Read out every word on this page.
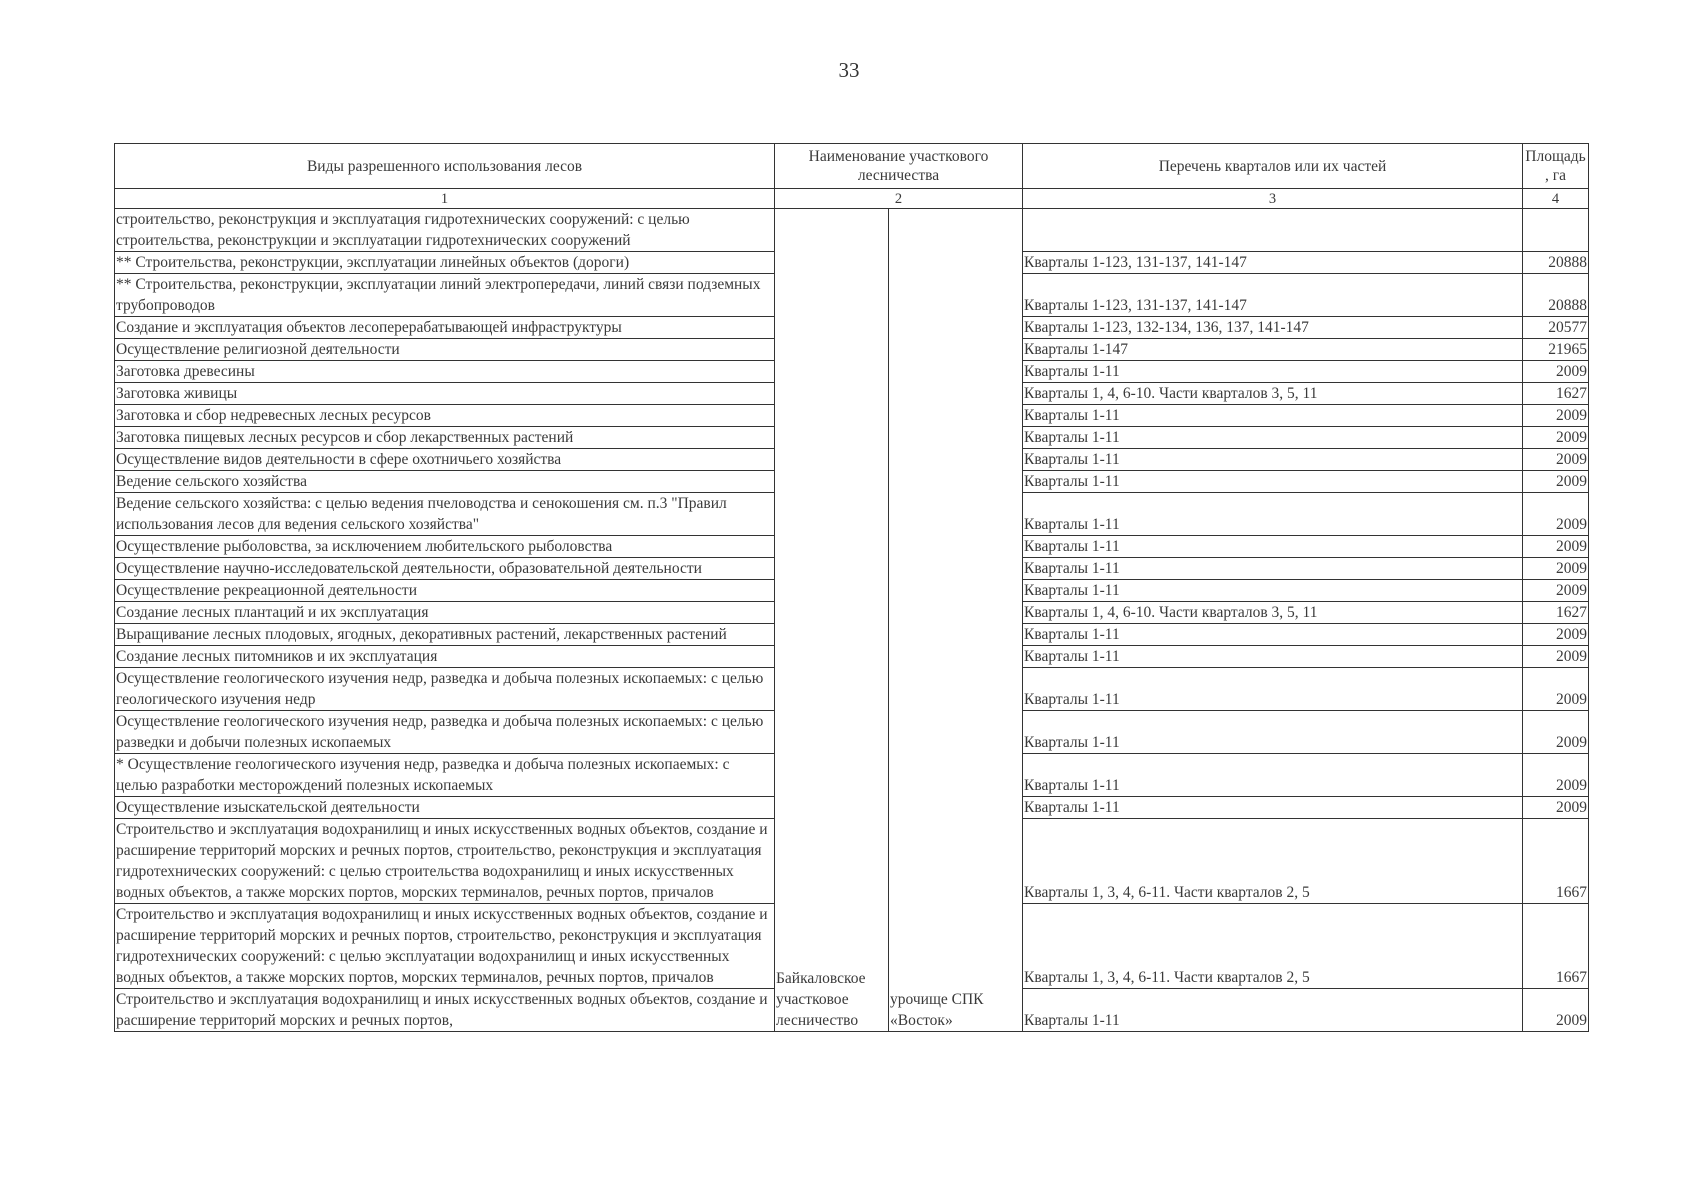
33
Виды разрешенного использования лесов	Наименование участкового лесничества		Перечень кварталов или их частей	Площадь, га
1	2		3	4
строительство, реконструкция и эксплуатация гидротехнических сооружений: с целью строительства, реконструкции и эксплуатации гидротехнических сооружений	Байкаловское участковое лесничество	урочище СПК «Восток»		
** Строительства, реконструкции, эксплуатации линейных объектов (дороги)			Кварталы 1-123, 131-137, 141-147	20888
** Строительства, реконструкции, эксплуатации линий электропередачи, линий связи подземных трубопроводов			Кварталы 1-123, 131-137, 141-147	20888
Создание и эксплуатация объектов лесоперерабатывающей инфраструктуры			Кварталы 1-123, 132-134, 136, 137, 141-147	20577
Осуществление религиозной деятельности			Кварталы 1-147	21965
Заготовка древесины			Кварталы 1-11	2009
Заготовка живицы			Кварталы 1, 4, 6-10. Части кварталов 3, 5, 11	1627
Заготовка и сбор недревесных лесных ресурсов			Кварталы 1-11	2009
Заготовка пищевых лесных ресурсов и сбор лекарственных растений			Кварталы 1-11	2009
Осуществление видов деятельности в сфере охотничьего хозяйства			Кварталы 1-11	2009
Ведение сельского хозяйства			Кварталы 1-11	2009
Ведение сельского хозяйства: с целью ведения пчеловодства и сенокошения см. п.3 "Правил использования лесов для ведения сельского хозяйства"			Кварталы 1-11	2009
Осуществление рыболовства, за исключением любительского рыболовства			Кварталы 1-11	2009
Осуществление научно-исследовательской деятельности, образовательной деятельности			Кварталы 1-11	2009
Осуществление рекреационной деятельности			Кварталы 1-11	2009
Создание лесных плантаций и их эксплуатация			Кварталы 1, 4, 6-10. Части кварталов 3, 5, 11	1627
Выращивание лесных плодовых, ягодных, декоративных растений, лекарственных растений			Кварталы 1-11	2009
Создание лесных питомников и их эксплуатация			Кварталы 1-11	2009
Осуществление геологического изучения недр, разведка и добыча полезных ископаемых: с целью геологического изучения недр			Кварталы 1-11	2009
Осуществление геологического изучения недр, разведка и добыча полезных ископаемых: с целью разведки и добычи полезных ископаемых			Кварталы 1-11	2009
* Осуществление геологического изучения недр, разведка и добыча полезных ископаемых: с целью разработки месторождений полезных ископаемых			Кварталы 1-11	2009
Осуществление изыскательской деятельности			Кварталы 1-11	2009
Строительство и эксплуатация водохранилищ и иных искусственных водных объектов, создание и расширение территорий морских и речных портов, строительство, реконструкция и эксплуатация гидротехнических сооружений: с целью строительства водохранилищ и иных искусственных водных объектов, а также морских портов, морских терминалов, речных портов, причалов			Кварталы 1, 3, 4, 6-11. Части кварталов 2, 5	1667
Строительство и эксплуатация водохранилищ и иных искусственных водных объектов, создание и расширение территорий морских и речных портов, строительство, реконструкция и эксплуатация гидротехнических сооружений: с целью эксплуатации водохранилищ и иных искусственных водных объектов, а также морских портов, морских терминалов, речных портов, причалов			Кварталы 1, 3, 4, 6-11. Части кварталов 2, 5	1667
Строительство и эксплуатация водохранилищ и иных искусственных водных объектов, создание и расширение территорий морских и речных портов,			Кварталы 1-11	2009
